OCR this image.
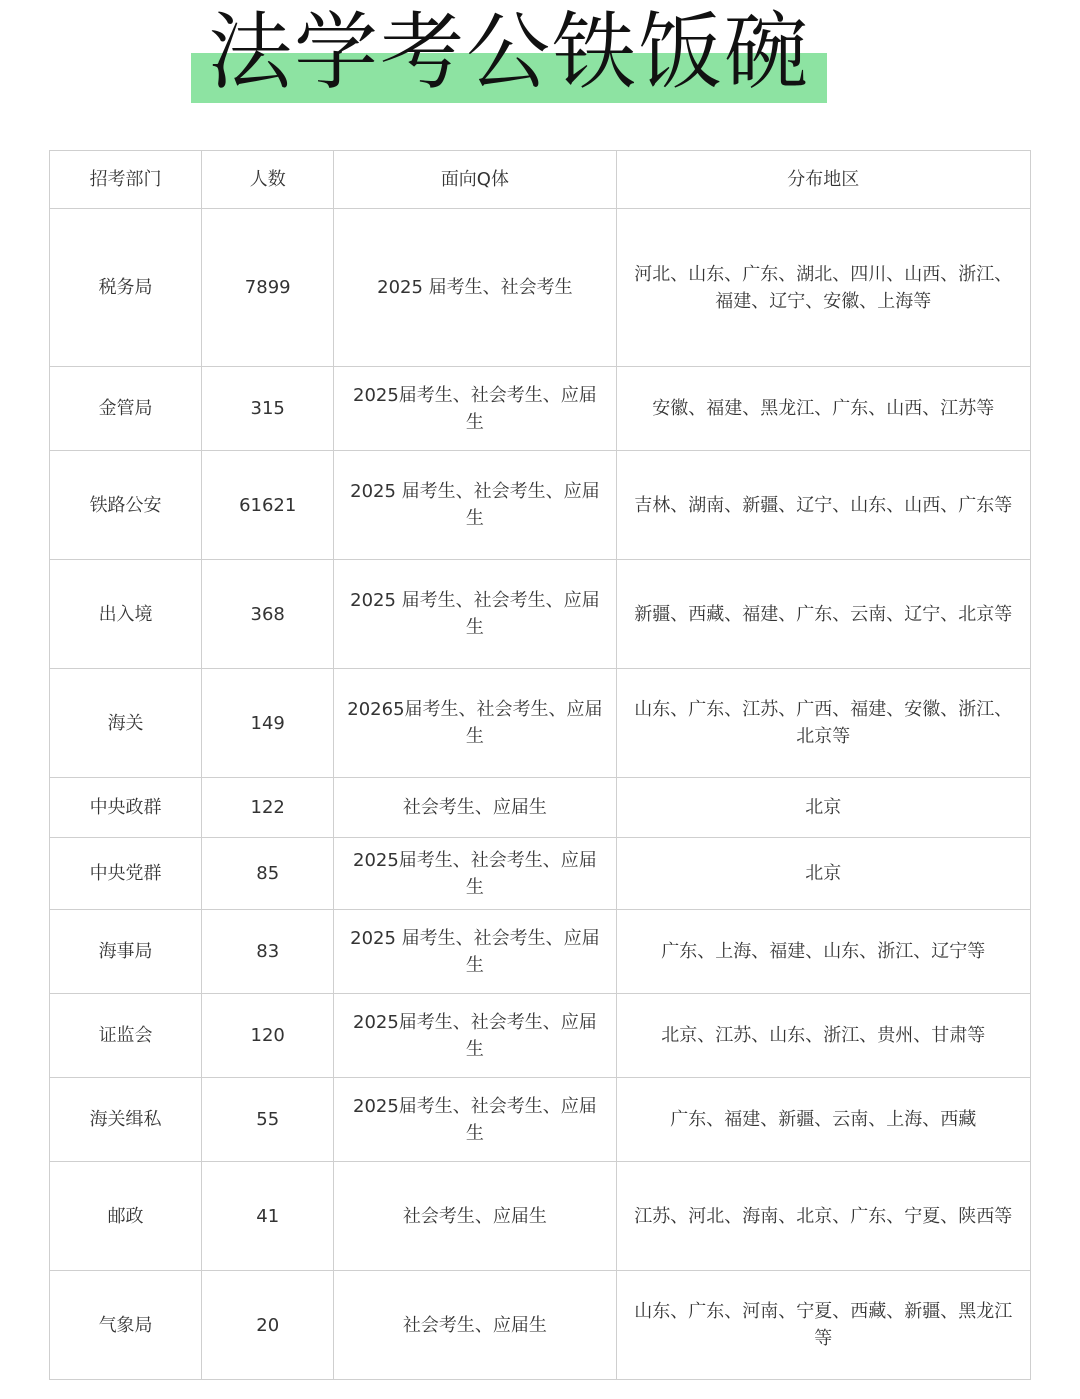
法学考公铁饭碗
招考部门	人数	面向Q体	分布地区
税务局	7899	2025 届考生、社会考生	河北、山东、广东、湖北、四川、山西、浙江、福建、辽宁、安徽、上海等
金管局	315	2025届考生、社会考生、应届生	安徽、福建、黑龙江、广东、山西、江苏等
铁路公安	61621	2025 届考生、社会考生、应届生	吉林、湖南、新疆、辽宁、山东、山西、广东等
出入境	368	2025 届考生、社会考生、应届生	新疆、西藏、福建、广东、云南、辽宁、北京等
海关	149	20265届考生、社会考生、应届生	山东、广东、江苏、广西、福建、安徽、浙江、北京等
中央政群	122	社会考生、应届生	北京
中央党群	85	2025届考生、社会考生、应届生	北京
海事局	83	2025 届考生、社会考生、应届生	广东、上海、福建、山东、浙江、辽宁等
证监会	120	2025届考生、社会考生、应届生	北京、江苏、山东、浙江、贵州、甘肃等
海关缉私	55	2025届考生、社会考生、应届生	广东、福建、新疆、云南、上海、西藏
邮政	41	社会考生、应届生	江苏、河北、海南、北京、广东、宁夏、陕西等
气象局	20	社会考生、应届生	山东、广东、河南、宁夏、西藏、新疆、黑龙江等
